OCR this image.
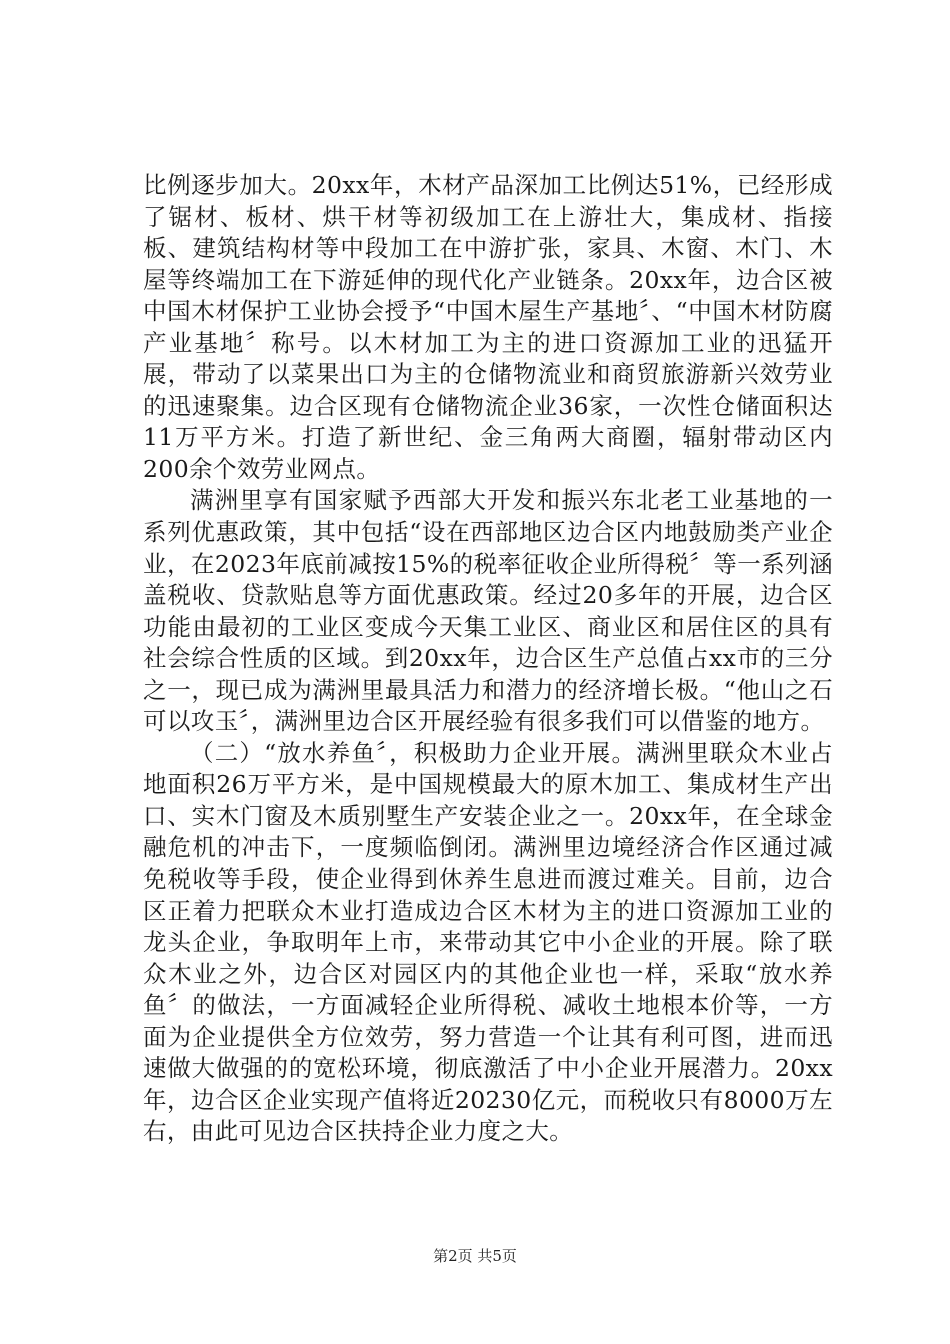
比例逐步加大。20xx年，木材产品深加工比例达51%，已经形成了锯材、板材、烘干材等初级加工在上游壮大，集成材、指接板、建筑结构材等中段加工在中游扩张，家具、木窗、木门、木屋等终端加工在下游延伸的现代化产业链条。20xx年，边合区被中国木材保护工业协会授予“中国木屋生产基地〞、“中国木材防腐产业基地〞称号。以木材加工为主的进口资源加工业的迅猛开展，带动了以菜果出口为主的仓储物流业和商贸旅游新兴效劳业的迅速聚集。边合区现有仓储物流企业36家，一次性仓储面积达11万平方米。打造了新世纪、金三角两大商圈，辐射带动区内200余个效劳业网点。

满洲里享有国家赋予西部大开发和振兴东北老工业基地的一系列优惠政策，其中包括“设在西部地区边合区内地鼓励类产业企业，在2023年底前减按15%的税率征收企业所得税〞等一系列涵盖税收、贷款贴息等方面优惠政策。经过20多年的开展，边合区功能由最初的工业区变成今天集工业区、商业区和居住区的具有社会综合性质的区域。到20xx年，边合区生产总值占xx市的三分之一，现已成为满洲里最具活力和潜力的经济增长极。“他山之石可以攻玉〞，满洲里边合区开展经验有很多我们可以借鉴的地方。

（二）“放水养鱼〞，积极助力企业开展。满洲里联众木业占地面积26万平方米，是中国规模最大的原木加工、集成材生产出口、实木门窗及木质别墅生产安装企业之一。20xx年，在全球金融危机的冲击下，一度频临倒闭。满洲里边境经济合作区通过减免税收等手段，使企业得到休养生息进而渡过难关。目前，边合区正着力把联众木业打造成边合区木材为主的进口资源加工业的龙头企业，争取明年上市，来带动其它中小企业的开展。除了联众木业之外，边合区对园区内的其他企业也一样，采取“放水养鱼〞的做法，一方面减轻企业所得税、减收土地根本价等，一方面为企业提供全方位效劳，努力营造一个让其有利可图，进而迅速做大做强的的宽松环境，彻底激活了中小企业开展潜力。20xx年，边合区企业实现产值将近20230亿元，而税收只有8000万左右，由此可见边合区扶持企业力度之大。

第2页 共5页
